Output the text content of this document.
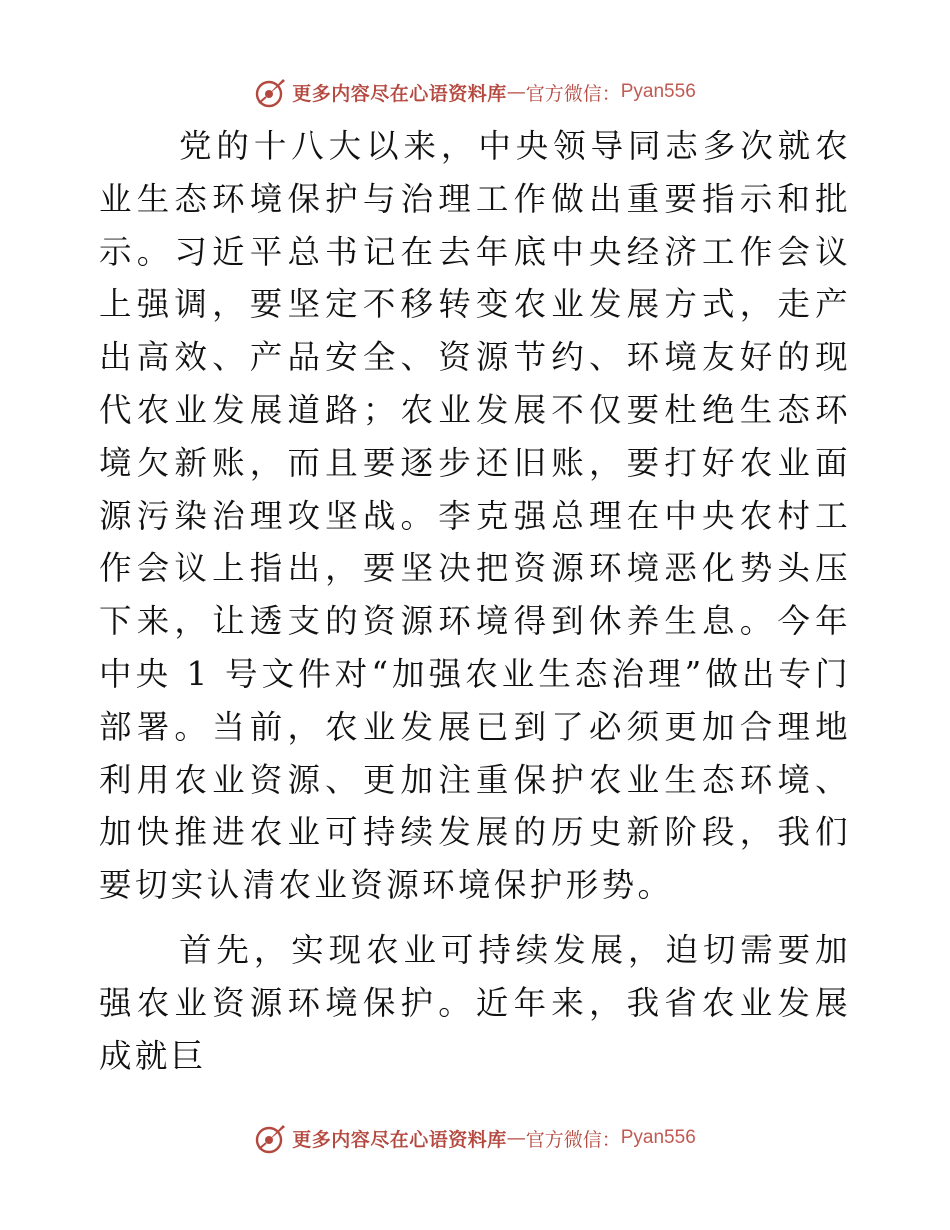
更多内容尽在心语资料库 — 官方微信： Pyan556

党的十八大以来，中央领导同志多次就农业生态环境保护与治理工作做出重要指示和批示。习近平总书记在去年底中央经济工作会议上强调，要坚定不移转变农业发展方式，走产出高效、产品安全、资源节约、环境友好的现代农业发展道路；农业发展不仅要杜绝生态环境欠新账，而且要逐步还旧账，要打好农业面源污染治理攻坚战。李克强总理在中央农村工作会议上指出，要坚决把资源环境恶化势头压下来，让透支的资源环境得到休养生息。今年中央 1 号文件对“加强农业生态治理”做出专门部署。当前，农业发展已到了必须更加合理地利用农业资源、更加注重保护农业生态环境、加快推进农业可持续发展的历史新阶段，我们要切实认清农业资源环境保护形势。

首先，实现农业可持续发展，迫切需要加强农业资源环境保护。近年来，我省农业发展成就巨

更多内容尽在心语资料库 — 官方微信： Pyan556
